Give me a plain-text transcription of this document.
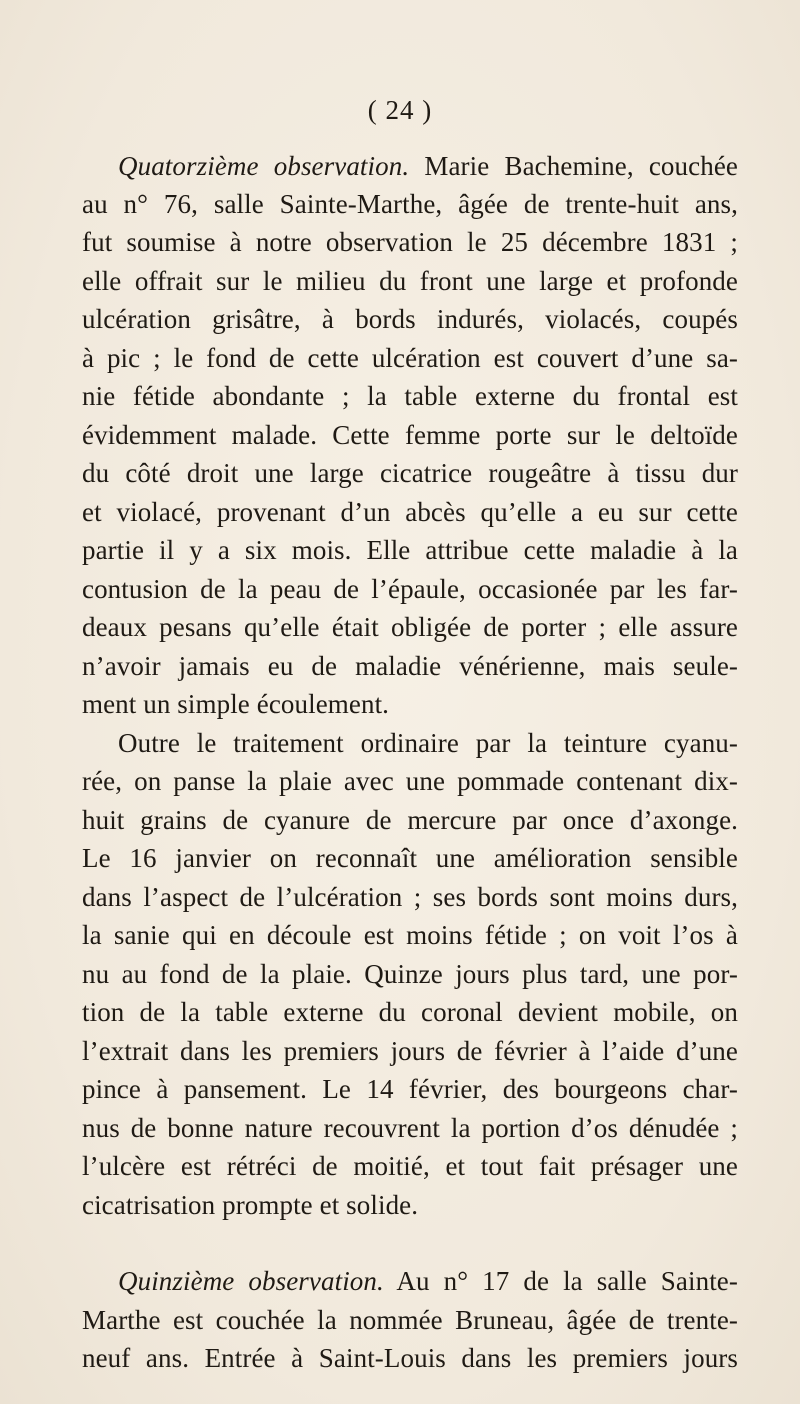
( 24 )
Quatorzième observation. Marie Bachemine, couchée
au n° 76, salle Sainte-Marthe, âgée de trente-huit ans,
fut soumise à notre observation le 25 décembre 1831 ;
elle offrait sur le milieu du front une large et profonde
ulcération grisâtre, à bords indurés, violacés, coupés
à pic ; le fond de cette ulcération est couvert d’une sa-
nie fétide abondante ; la table externe du frontal est
évidemment malade. Cette femme porte sur le deltoïde
du côté droit une large cicatrice rougeâtre à tissu dur
et violacé, provenant d’un abcès qu’elle a eu sur cette
partie il y a six mois. Elle attribue cette maladie à la
contusion de la peau de l’épaule, occasionée par les far-
deaux pesans qu’elle était obligée de porter ; elle assure
n’avoir jamais eu de maladie vénérienne, mais seule-
ment un simple écoulement.
Outre le traitement ordinaire par la teinture cyanu-
rée, on panse la plaie avec une pommade contenant dix-
huit grains de cyanure de mercure par once d’axonge.
Le 16 janvier on reconnaît une amélioration sensible
dans l’aspect de l’ulcération ; ses bords sont moins durs,
la sanie qui en découle est moins fétide ; on voit l’os à
nu au fond de la plaie. Quinze jours plus tard, une por-
tion de la table externe du coronal devient mobile, on
l’extrait dans les premiers jours de février à l’aide d’une
pince à pansement. Le 14 février, des bourgeons char-
nus de bonne nature recouvrent la portion d’os dénudée ;
l’ulcère est rétréci de moitié, et tout fait présager une
cicatrisation prompte et solide.
Quinzième observation. Au n° 17 de la salle Sainte-
Marthe est couchée la nommée Bruneau, âgée de trente-
neuf ans. Entrée à Saint-Louis dans les premiers jours
